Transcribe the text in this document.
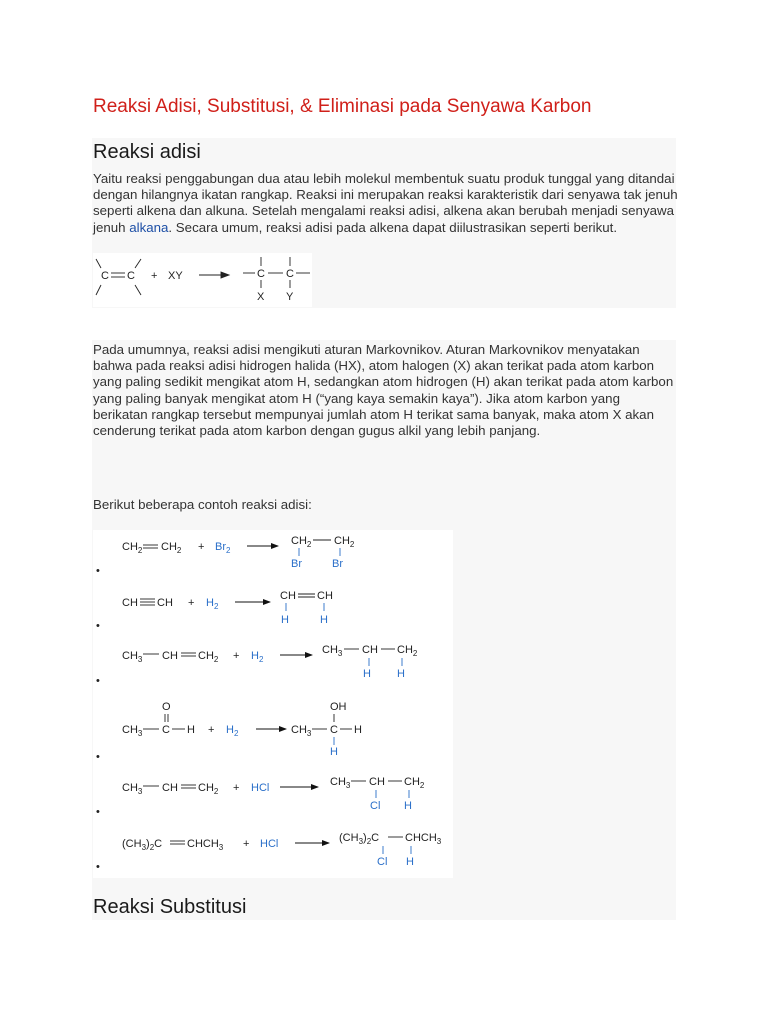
Reaksi Adisi, Substitusi, & Eliminasi pada Senyawa Karbon
Reaksi adisi

Yaitu reaksi penggabungan dua atau lebih molekul membentuk suatu produk tunggal yang ditandai dengan hilangnya ikatan rangkap. Reaksi ini merupakan reaksi karakteristik dari senyawa tak jenuh seperti alkena dan alkuna. Setelah mengalami reaksi adisi, alkena akan berubah menjadi senyawa jenuh alkana. Secara umum, reaksi adisi pada alkena dapat diilustrasikan seperti berikut.

C C + XY	C C
X Y

Pada umumnya, reaksi adisi mengikuti aturan Markovnikov. Aturan Markovnikov menyatakan bahwa pada reaksi adisi hidrogen halida (HX), atom halogen (X) akan terikat pada atom karbon yang paling sedikit mengikat atom H, sedangkan atom hidrogen (H) akan terikat pada atom karbon yang paling banyak mengikat atom H (“yang kaya semakin kaya”). Jika atom karbon yang berikatan rangkap tersebut mempunyai jumlah atom H terikat sama banyak, maka atom X akan cenderung terikat pada atom karbon dengan gugus alkil yang lebih panjang.

Berikut beberapa contoh reaksi adisi:

$CH_2$ $CH_2 + Br_2$
$CH_2$ $CH_2$
Br	Br
•
CH CH + $H_2$
CH CH
H	H
•
$CH_3$ CH $CH_2 + H_2$
$CH_3$ CH $CH_2$
H H
•
O
$CH_3$ C $H + H_2$	$CH_3$
OH
C H
H
•
$CH_3$ CH $CH_2$ + HCl	$CH_3$ CH $CH_2$
Cl H
•
$(CH_3)_2C$ $CHCH_3$ + HCl	$(CH_3)_2C$ $CHCH_3$
Cl H
•
Reaksi Substitusi
